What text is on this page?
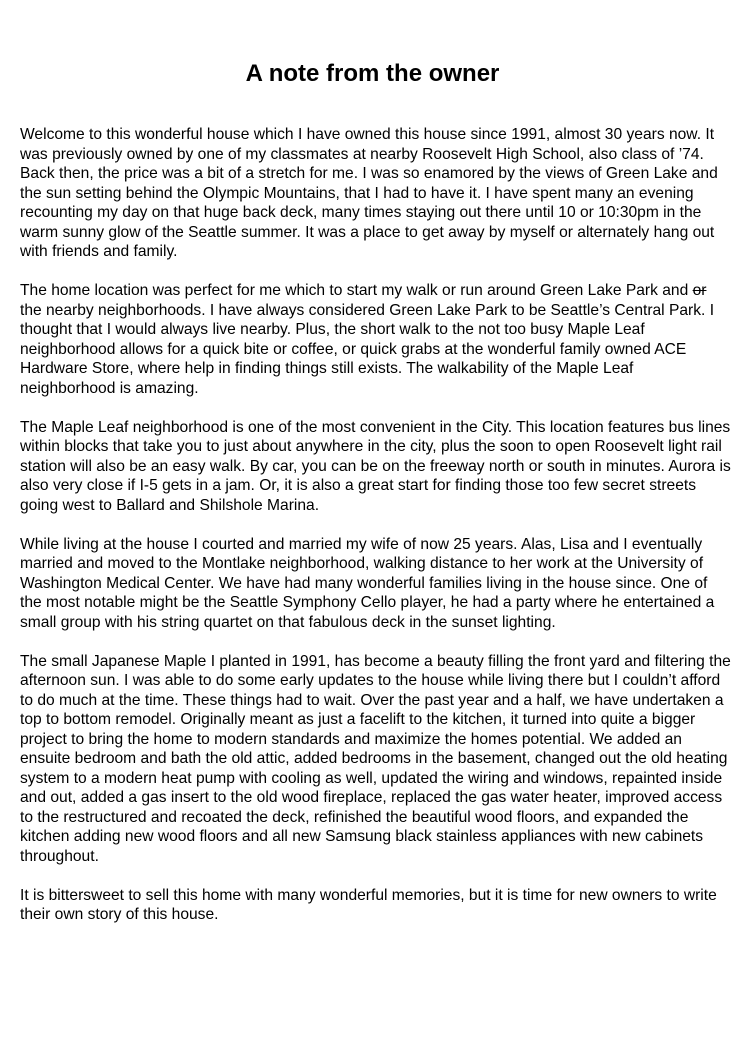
A note from the owner

Welcome to this wonderful house which I have owned this house since 1991, almost 30 years now. It was previously owned by one of my classmates at nearby Roosevelt High School, also class of ’74. Back then, the price was a bit of a stretch for me. I was so enamored by the views of Green Lake and the sun setting behind the Olympic Mountains, that I had to have it. I have spent many an evening recounting my day on that huge back deck, many times staying out there until 10 or 10:30pm in the warm sunny glow of the Seattle summer. It was a place to get away by myself or alternately hang out with friends and family.

The home location was perfect for me which to start my walk or run around Green Lake Park and or the nearby neighborhoods. I have always considered Green Lake Park to be Seattle’s Central Park. I thought that I would always live nearby. Plus, the short walk to the not too busy Maple Leaf neighborhood allows for a quick bite or coffee, or quick grabs at the wonderful family owned ACE Hardware Store, where help in finding things still exists. The walkability of the Maple Leaf neighborhood is amazing.

The Maple Leaf neighborhood is one of the most convenient in the City. This location features bus lines within blocks that take you to just about anywhere in the city, plus the soon to open Roosevelt light rail station will also be an easy walk. By car, you can be on the freeway north or south in minutes. Aurora is also very close if I-5 gets in a jam. Or, it is also a great start for finding those too few secret streets going west to Ballard and Shilshole Marina.

While living at the house I courted and married my wife of now 25 years. Alas, Lisa and I eventually married and moved to the Montlake neighborhood, walking distance to her work at the University of Washington Medical Center. We have had many wonderful families living in the house since. One of the most notable might be the Seattle Symphony Cello player, he had a party where he entertained a small group with his string quartet on that fabulous deck in the sunset lighting.

The small Japanese Maple I planted in 1991, has become a beauty filling the front yard and filtering the afternoon sun. I was able to do some early updates to the house while living there but I couldn’t afford to do much at the time. These things had to wait. Over the past year and a half, we have undertaken a top to bottom remodel. Originally meant as just a facelift to the kitchen, it turned into quite a bigger project to bring the home to modern standards and maximize the homes potential. We added an ensuite bedroom and bath the old attic, added bedrooms in the basement, changed out the old heating system to a modern heat pump with cooling as well, updated the wiring and windows, repainted inside and out, added a gas insert to the old wood fireplace, replaced the gas water heater, improved access to the restructured and recoated the deck, refinished the beautiful wood floors, and expanded the kitchen adding new wood floors and all new Samsung black stainless appliances with new cabinets throughout.

It is bittersweet to sell this home with many wonderful memories, but it is time for new owners to write their own story of this house.
